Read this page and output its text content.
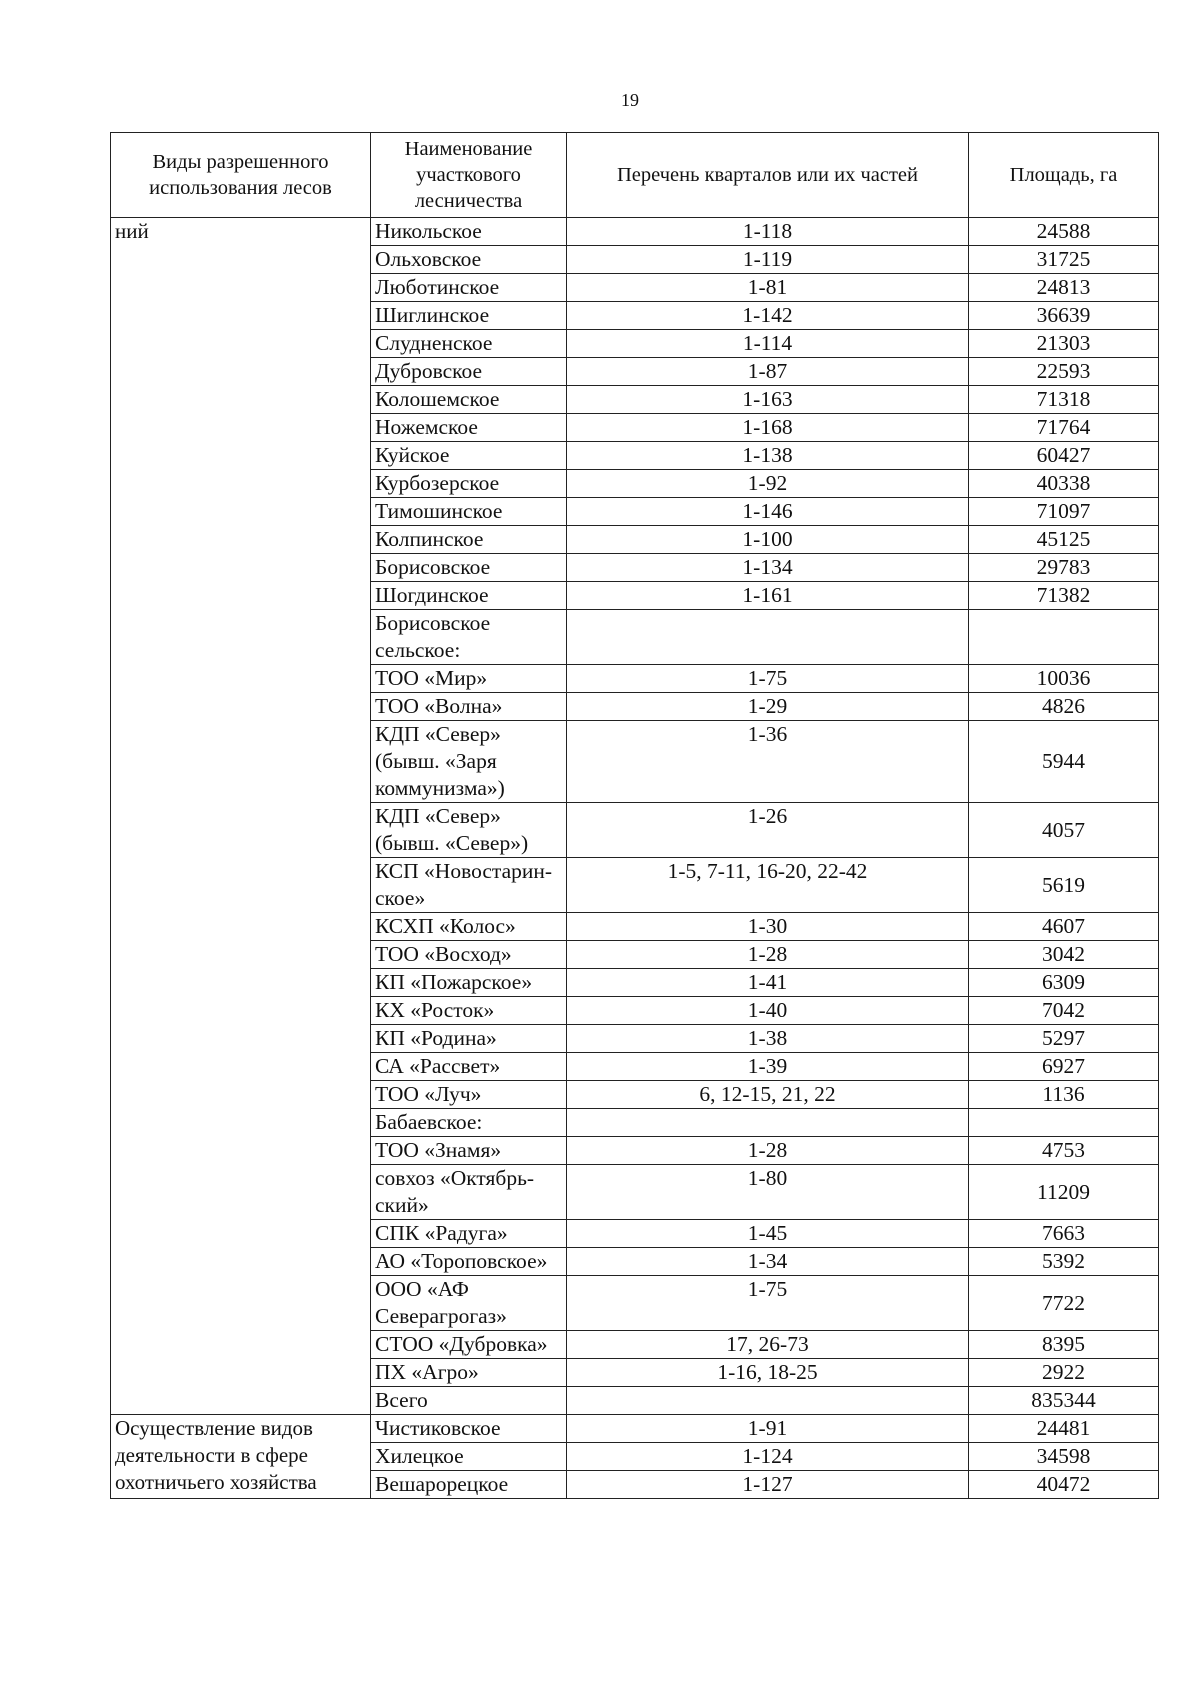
19
Виды разрешенного использования лесов	Наименование участкового лесничества	Перечень кварталов или их частей	Площадь, га
ний	Никольское	1-118	24588
	Ольховское	1-119	31725
	Любoтинское	1-81	24813
	Шиглинское	1-142	36639
	Слудненское	1-114	21303
	Дубровское	1-87	22593
	Колошемское	1-163	71318
	Ножемское	1-168	71764
	Куйское	1-138	60427
	Курбозерское	1-92	40338
	Тимошинское	1-146	71097
	Колпинское	1-100	45125
	Борисовское	1-134	29783
	Шогдинское	1-161	71382
	Борисовское сельское:		
	ТОО «Мир»	1-75	10036
	ТОО «Волна»	1-29	4826
	КДП «Север» (бывш. «Заря коммунизма»)	1-36	5944
	КДП «Север» (бывш. «Север»)	1-26	4057
	КСП «Новостарин-ское»	1-5, 7-11, 16-20, 22-42	5619
	КСХП «Колос»	1-30	4607
	ТОО «Восход»	1-28	3042
	КП «Пожарское»	1-41	6309
	КХ «Росток»	1-40	7042
	КП «Родина»	1-38	5297
	СА «Рассвет»	1-39	6927
	ТОО «Луч»	6, 12-15, 21, 22	1136
	Бабаевское:		
	ТОО «Знамя»	1-28	4753
	совхоз «Октябрь-ский»	1-80	11209
	СПК «Радуга»	1-45	7663
	АО «Тороповское»	1-34	5392
	ООО «АФ Северагрогаз»	1-75	7722
	СТОО «Дубровка»	17, 26-73	8395
	ПХ «Агро»	1-16, 18-25	2922
	Всего		835344
Осуществление видов деятельности в сфере охотничьего хозяйства	Чистиковское	1-91	24481
	Хилецкое	1-124	34598
	Вешарорецкое	1-127	40472
